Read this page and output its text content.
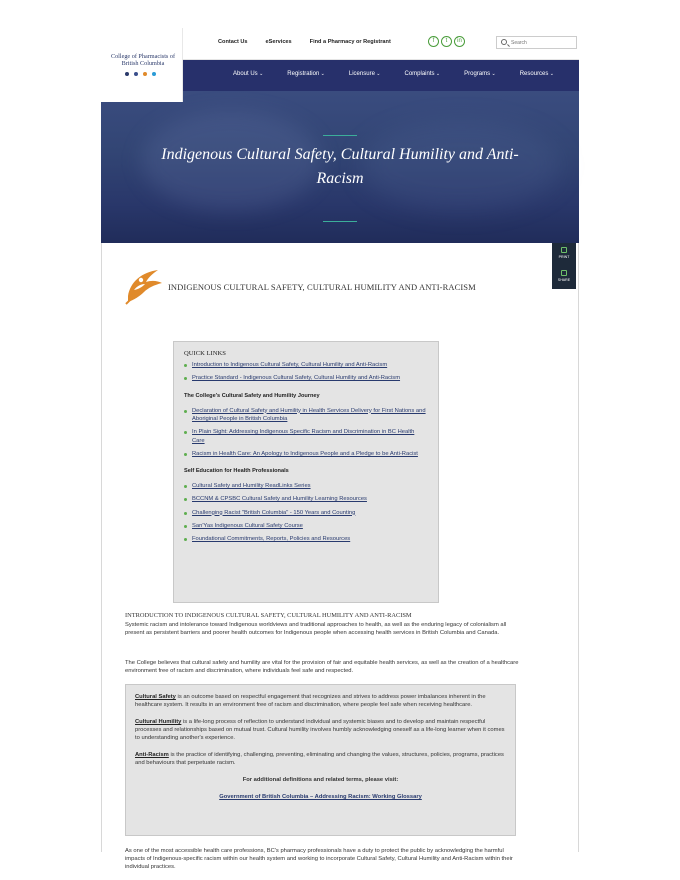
College of Pharmacists of British Columbia
Contact Us	eServices	Find a Pharmacy or Registrant	f	t	in
Search
About Us ⌄	Registration ⌄	Licensure ⌄	Complaints ⌄	Programs ⌄	Resources ⌄
Indigenous Cultural Safety, Cultural Humility and Anti-Racism
INDIGENOUS CULTURAL SAFETY, CULTURAL HUMILITY AND ANTI-RACISM
QUICK LINKS
Introduction to Indigenous Cultural Safety, Cultural Humility and Anti-Racism
Practice Standard - Indigenous Cultural Safety, Cultural Humility and Anti-Racism
The College's Cultural Safety and Humility Journey
Declaration of Cultural Safety and Humility in Health Services Delivery for First Nations and Aboriginal People in British Columbia
In Plain Sight: Addressing Indigenous Specific Racism and Discrimination in BC Health Care
Racism in Health Care: An Apology to Indigenous People and a Pledge to be Anti-Racist
Self Education for Health Professionals
Cultural Safety and Humility ReadLinks Series
BCCNM & CPSBC Cultural Safety and Humility Learning Resources
Challenging Racist "British Columbia" - 150 Years and Counting
San'Yas Indigenous Cultural Safety Course
Foundational Commitments, Reports, Policies and Resources
INTRODUCTION TO INDIGENOUS CULTURAL SAFETY, CULTURAL HUMILITY AND ANTI-RACISM

Systemic racism and intolerance toward Indigenous worldviews and traditional approaches to health, as well as the enduring legacy of colonialism all present as persistent barriers and poorer health outcomes for Indigenous people when accessing health services in British Columbia and Canada.

The College believes that cultural safety and humility are vital for the provision of fair and equitable health services, as well as the creation of a healthcare environment free of racism and discrimination, where individuals feel safe and respected.

Cultural Safety is an outcome based on respectful engagement that recognizes and strives to address power imbalances inherent in the healthcare system. It results in an environment free of racism and discrimination, where people feel safe when receiving healthcare.

Cultural Humility is a life-long process of reflection to understand individual and systemic biases and to develop and maintain respectful processes and relationships based on mutual trust. Cultural humility involves humbly acknowledging oneself as a life-long learner when it comes to understanding another's experience.

Anti-Racism is the practice of identifying, challenging, preventing, eliminating and changing the values, structures, policies, programs, practices and behaviours that perpetuate racism.

For additional definitions and related terms, please visit:

Government of British Columbia – Addressing Racism: Working Glossary

As one of the most accessible health care professions, BC's pharmacy professionals have a duty to protect the public by acknowledging the harmful impacts of Indigenous-specific racism within our health system and working to incorporate Cultural Safety, Cultural Humility and Anti-Racism within their individual practices.

PRINT
SHARE
